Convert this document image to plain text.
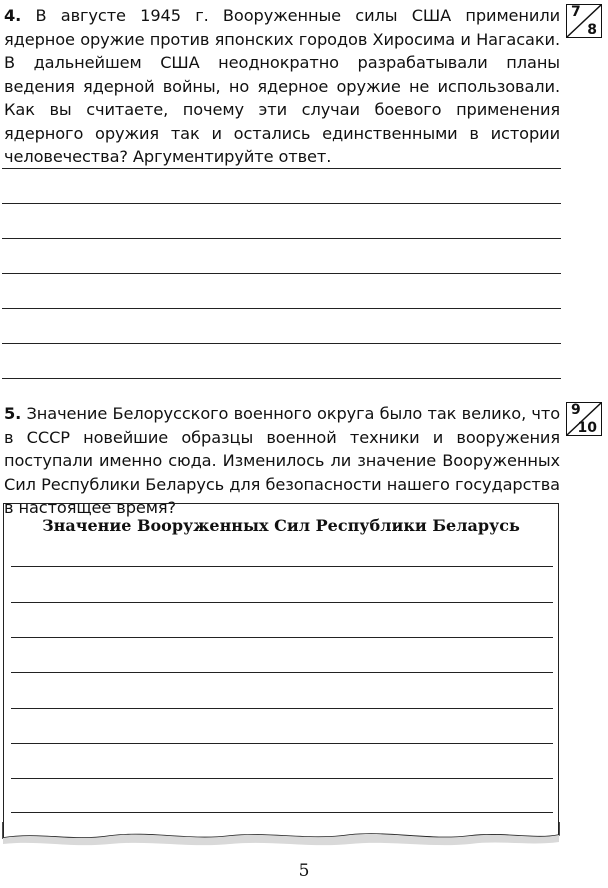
4. В августе 1945 г. Вооруженные силы США применили ядерное оружие против японских городов Хиросима и Нагасаки. В дальнейшем США неоднократно разрабатывали планы ведения ядерной войны, но ядерное оружие не использовали. Как вы считаете, почему эти случаи боевого применения ядерного оружия так и остались единственными в истории человечества? Аргументируйте ответ.

7
8

5. Значение Белорусского военного округа было так велико, что в СССР новейшие образцы военной техники и вооружения поступали именно сюда. Изменилось ли значение Вооруженных Сил Республики Беларусь для безопасности нашего государства в настоящее время?

9
10
Значение Вооруженных Сил Республики Беларусь
5
